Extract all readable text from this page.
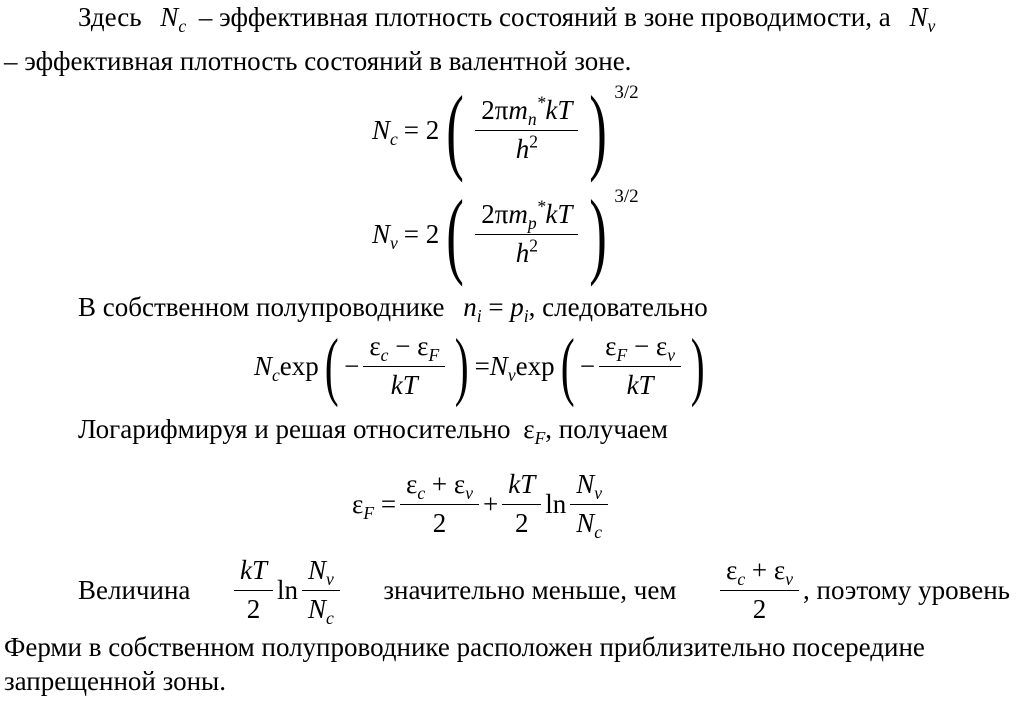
Здесь $N_c$ – эффективная плотность состояний в зоне проводимости, а $N_v$
– эффективная плотность состояний в валентной зоне.
$N_c = 2$ ( $\frac{2\pi m_n^*kT}{h^2}$ ) 3/2
$N_v = 2$ ( $\frac{2\pi m_p^*kT}{h^2}$ ) 3/2
В собственном полупроводнике $n_i = p_i$, следовательно
$N_c$ exp ( − $\frac{\varepsilon_c - \varepsilon_F}{kT}$ ) = $N_v$ exp ( − $\frac{\varepsilon_F - \varepsilon_v}{kT}$ )
Логарифмируя и решая относительно $\varepsilon_F$, получаем
$\varepsilon_F = \frac{\varepsilon_c + \varepsilon_v}{2} + \frac{kT}{2}$ $\ln \frac{N_v}{N_c}$
Величина $\frac{kT}{2}$ $\ln \frac{N_v}{N_c}$ значительно меньше, чем $\frac{\varepsilon_c + \varepsilon_v}{2}$ , поэтому уровень
Ферми в собственном полупроводнике расположен приблизительно посередине
запрещенной зоны.
